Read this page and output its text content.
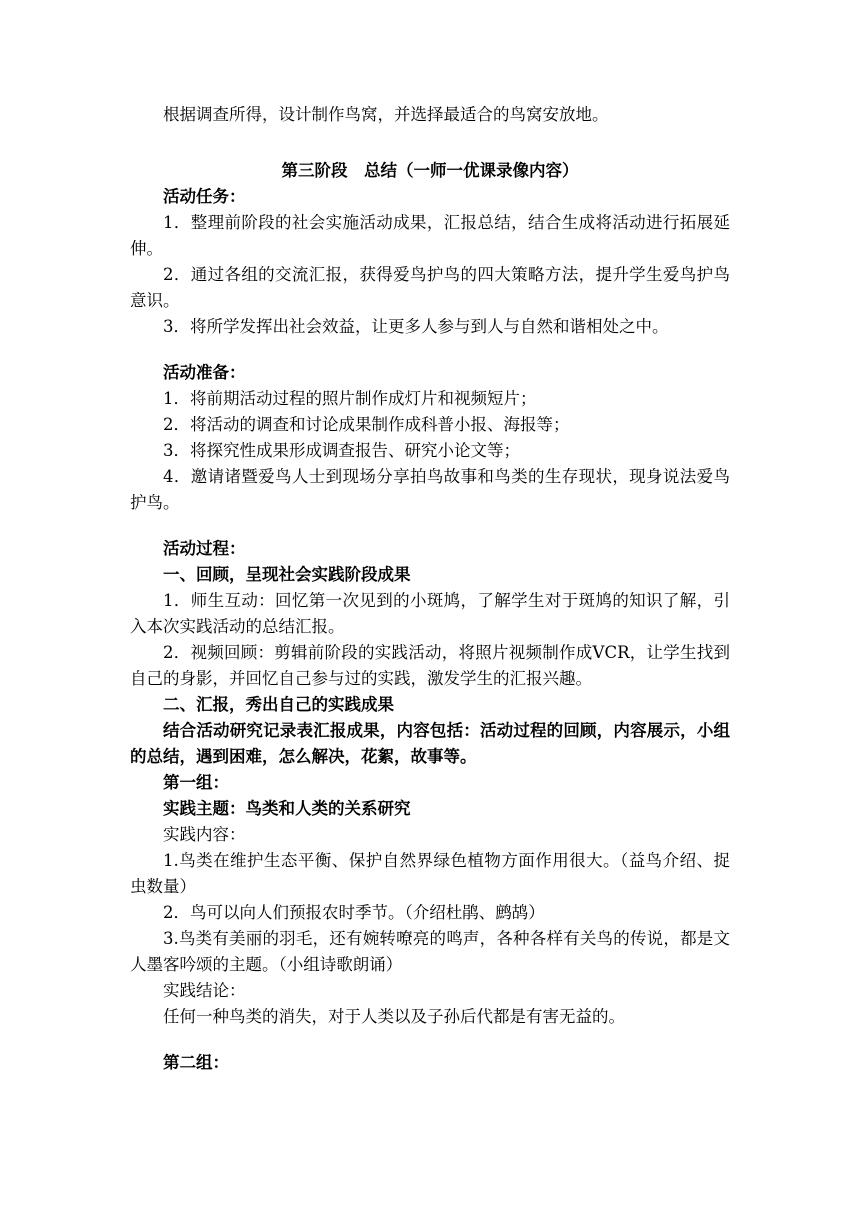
根据调查所得，设计制作鸟窝，并选择最适合的鸟窝安放地。

第三阶段　总结（一师一优课录像内容）

活动任务：

1．整理前阶段的社会实施活动成果，汇报总结，结合生成将活动进行拓展延伸。

2．通过各组的交流汇报，获得爱鸟护鸟的四大策略方法，提升学生爱鸟护鸟意识。

3．将所学发挥出社会效益，让更多人参与到人与自然和谐相处之中。

活动准备：

1．将前期活动过程的照片制作成灯片和视频短片；

2．将活动的调查和讨论成果制作成科普小报、海报等；

3．将探究性成果形成调查报告、研究小论文等；

4．邀请诸暨爱鸟人士到现场分享拍鸟故事和鸟类的生存现状，现身说法爱鸟护鸟。

活动过程：

一、回顾，呈现社会实践阶段成果

1．师生互动：回忆第一次见到的小斑鸠，了解学生对于斑鸠的知识了解，引入本次实践活动的总结汇报。

2．视频回顾：剪辑前阶段的实践活动，将照片视频制作成VCR，让学生找到自己的身影，并回忆自己参与过的实践，激发学生的汇报兴趣。

二、汇报，秀出自己的实践成果

结合活动研究记录表汇报成果，内容包括：活动过程的回顾，内容展示，小组的总结，遇到困难，怎么解决，花絮，故事等。

第一组：

实践主题：鸟类和人类的关系研究

实践内容：

1.鸟类在维护生态平衡、保护自然界绿色植物方面作用很大。（益鸟介绍、捉虫数量）

2．鸟可以向人们预报农时季节。（介绍杜鹃、鹧鸪）

3.鸟类有美丽的羽毛，还有婉转嘹亮的鸣声，各种各样有关鸟的传说，都是文人墨客吟颂的主题。（小组诗歌朗诵）

实践结论：

任何一种鸟类的消失，对于人类以及子孙后代都是有害无益的。

第二组：
